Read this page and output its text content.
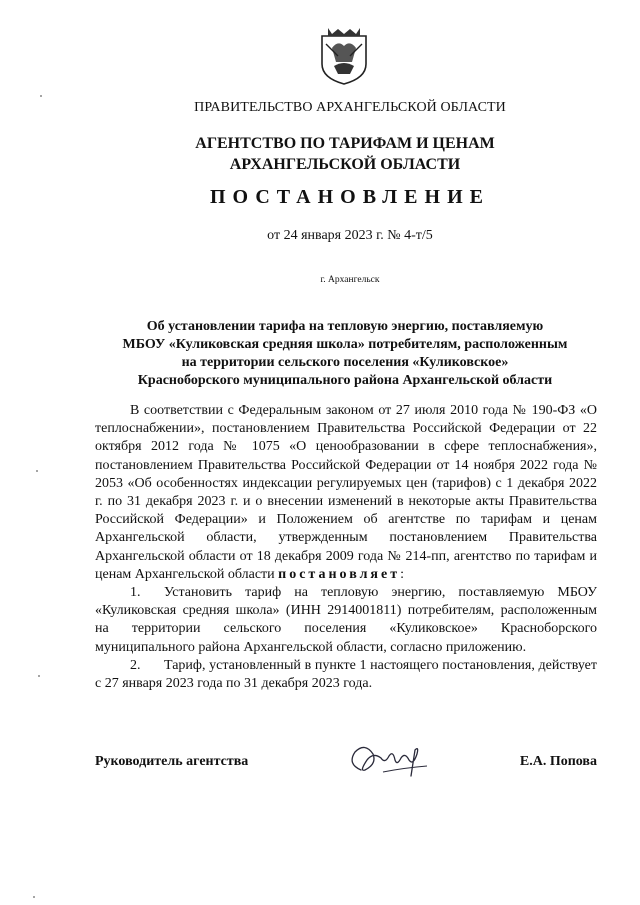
ПРАВИТЕЛЬСТВО АРХАНГЕЛЬСКОЙ ОБЛАСТИ
АГЕНТСТВО ПО ТАРИФАМ И ЦЕНАМ
АРХАНГЕЛЬСКОЙ ОБЛАСТИ
ПОСТАНОВЛЕНИЕ
от 24 января 2023 г. № 4-т/5
г. Архангельск
Об установлении тарифа на тепловую энергию, поставляемую
МБОУ «Куликовская средняя школа» потребителям, расположенным
на территории сельского поселения «Куликовское»
Красноборского муниципального района Архангельской области

В соответствии с Федеральным законом от 27 июля 2010 года № 190-ФЗ «О теплоснабжении», постановлением Правительства Российской Федерации от 22 октября 2012 года № 1075 «О ценообразовании в сфере теплоснабжения», постановлением Правительства Российской Федерации от 14 ноября 2022 года № 2053 «Об особенностях индексации регулируемых цен (тарифов) с 1 декабря 2022 г. по 31 декабря 2023 г. и о внесении изменений в некоторые акты Правительства Российской Федерации» и Положением об агентстве по тарифам и ценам Архангельской области, утвержденным постановлением Правительства Архангельской области от 18 декабря 2009 года № 214-пп, агентство по тарифам и ценам Архангельской области постановляет:

1. Установить тариф на тепловую энергию, поставляемую МБОУ «Куликовская средняя школа» (ИНН 2914001811) потребителям, расположенным на территории сельского поселения «Куликовское» Красноборского муниципального района Архангельской области, согласно приложению.

2. Тариф, установленный в пункте 1 настоящего постановления, действует с 27 января 2023 года по 31 декабря 2023 года.

Руководитель агентства	Е.А. Попова
